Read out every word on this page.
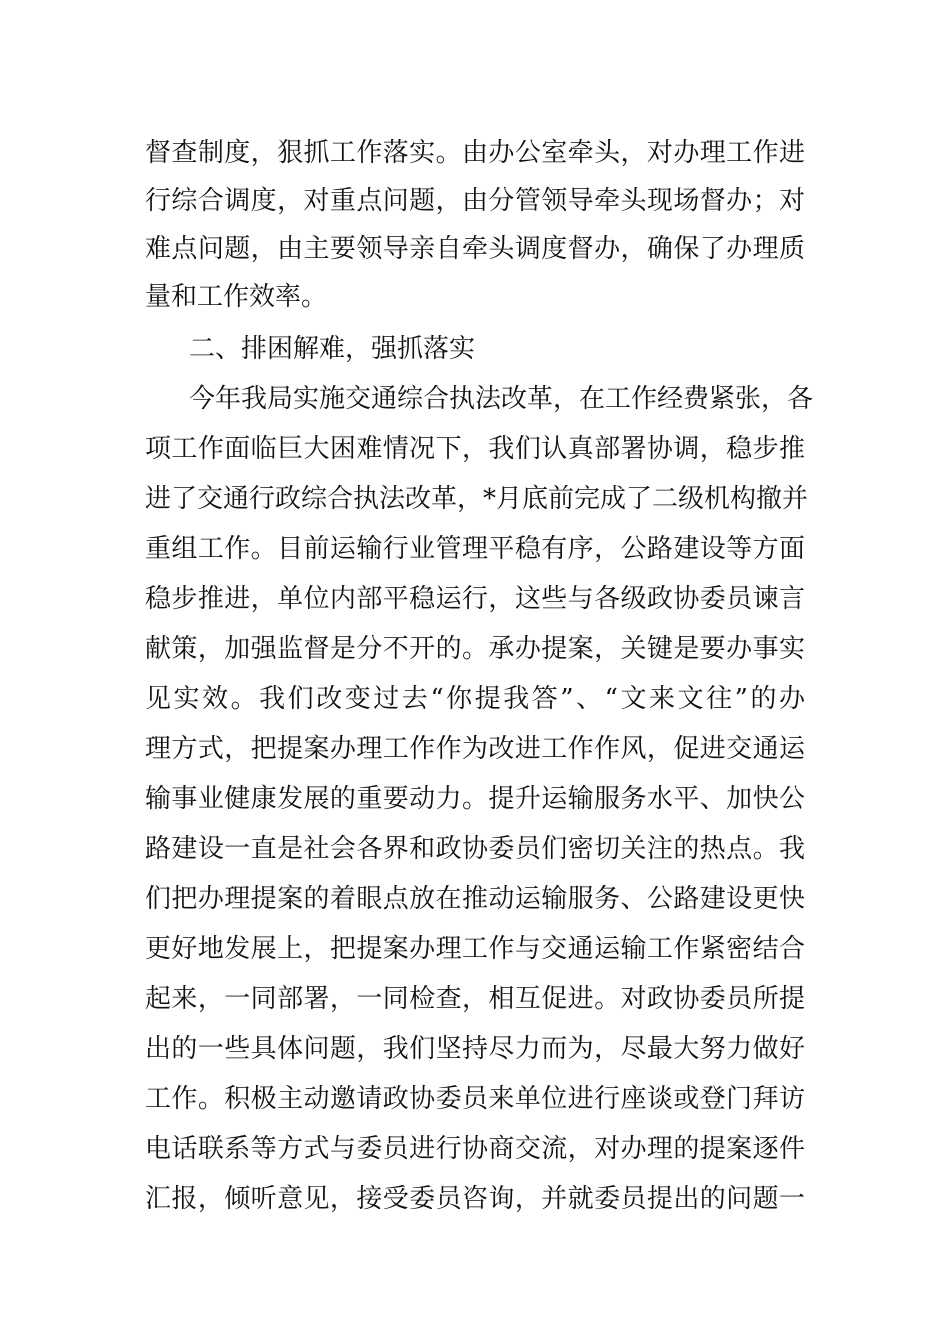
督查制度，狠抓工作落实。由办公室牵头，对办理工作进
行综合调度，对重点问题，由分管领导牵头现场督办；对
难点问题，由主要领导亲自牵头调度督办，确保了办理质
量和工作效率。
二、排困解难，强抓落实
今年我局实施交通综合执法改革，在工作经费紧张，各
项工作面临巨大困难情况下，我们认真部署协调，稳步推
进了交通行政综合执法改革，*月底前完成了二级机构撤并
重组工作。目前运输行业管理平稳有序，公路建设等方面
稳步推进，单位内部平稳运行，这些与各级政协委员谏言
献策，加强监督是分不开的。承办提案，关键是要办事实
见实效。我们改变过去“你提我答”、“文来文往”的办
理方式，把提案办理工作作为改进工作作风，促进交通运
输事业健康发展的重要动力。提升运输服务水平、加快公
路建设一直是社会各界和政协委员们密切关注的热点。我
们把办理提案的着眼点放在推动运输服务、公路建设更快
更好地发展上，把提案办理工作与交通运输工作紧密结合
起来，一同部署，一同检查，相互促进。对政协委员所提
出的一些具体问题，我们坚持尽力而为，尽最大努力做好
工作。积极主动邀请政协委员来单位进行座谈或登门拜访
电话联系等方式与委员进行协商交流，对办理的提案逐件
汇报，倾听意见，接受委员咨询，并就委员提出的问题一
